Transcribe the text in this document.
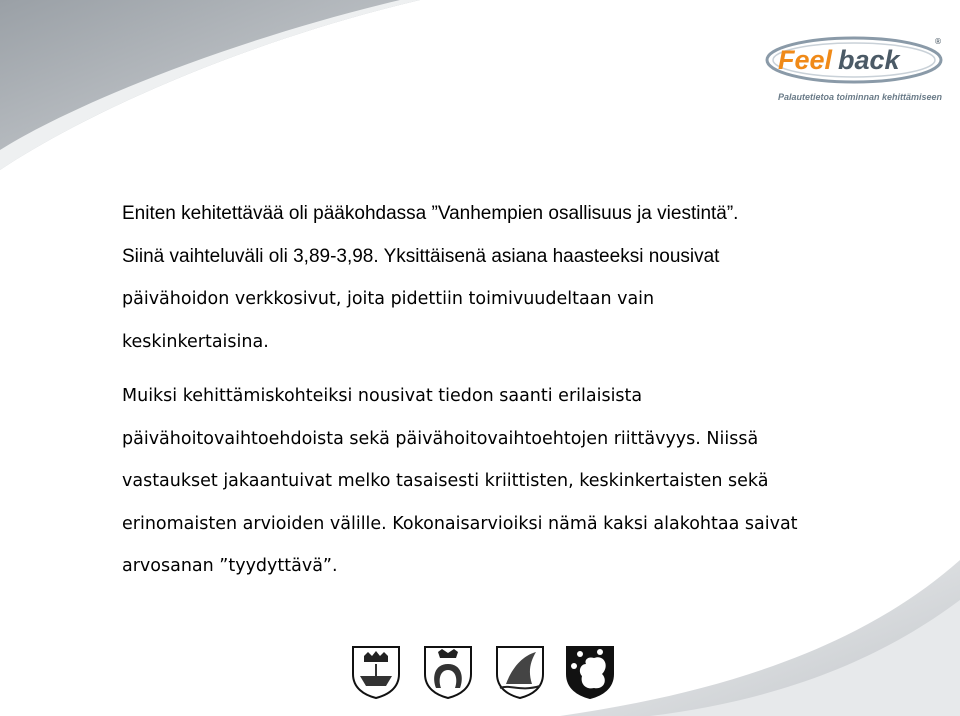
Feel back
®
Palautetietoa toiminnan kehittämiseen
Eniten kehitettävää oli pääkohdassa ”Vanhempien osallisuus ja viestintä”.
Siinä vaihteluväli oli 3,89-3,98. Yksittäisenä asiana haasteeksi nousivat
päivähoidon verkkosivut, joita pidettiin toimivuudeltaan vain
keskinkertaisina.
Muiksi kehittämiskohteiksi nousivat tiedon saanti erilaisista
päivähoitovaihtoehdoista sekä päivähoitovaihtoehtojen riittävyys. Niissä
vastaukset jakaantuivat melko tasaisesti kriittisten, keskinkertaisten sekä
erinomaisten arvioiden välille. Kokonaisarvioiksi nämä kaksi alakohtaa saivat
arvosanan ”tyydyttävä”.
